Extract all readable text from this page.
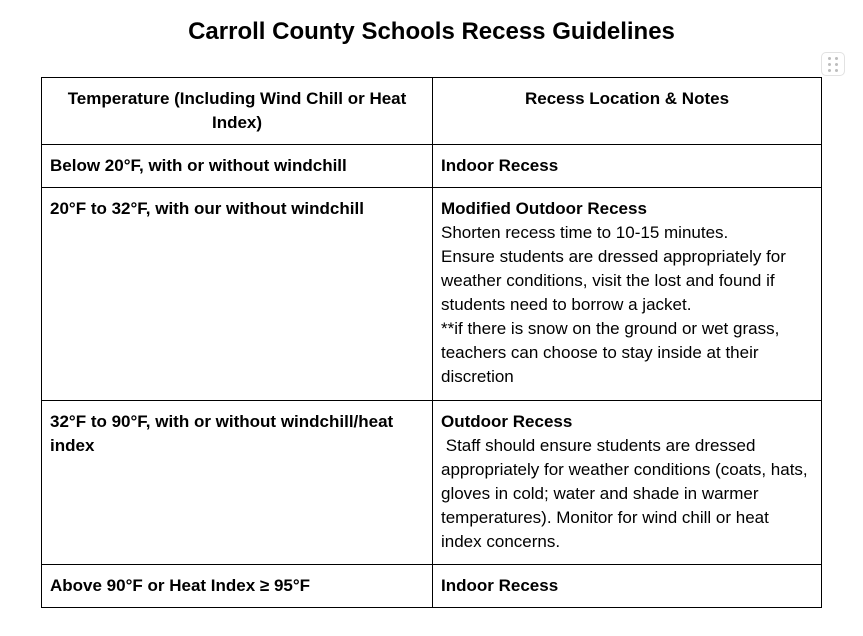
Carroll County Schools Recess Guidelines
Temperature (Including Wind Chill or Heat Index)	Recess Location & Notes
Below 20°F, with or without windchill	Indoor Recess

20°F to 32°F, with our without windchill	Modified Outdoor Recess
Shorten recess time to 10-15 minutes.
Ensure students are dressed appropriately for weather conditions, visit the lost and found if students need to borrow a jacket.
**if there is snow on the ground or wet grass, teachers can choose to stay inside at their discretion

32°F to 90°F, with or without windchill/heat index	Outdoor Recess
Staff should ensure students are dressed appropriately for weather conditions (coats, hats, gloves in cold; water and shade in warmer temperatures). Monitor for wind chill or heat index concerns.

Above 90°F or Heat Index ≥ 95°F	Indoor Recess
